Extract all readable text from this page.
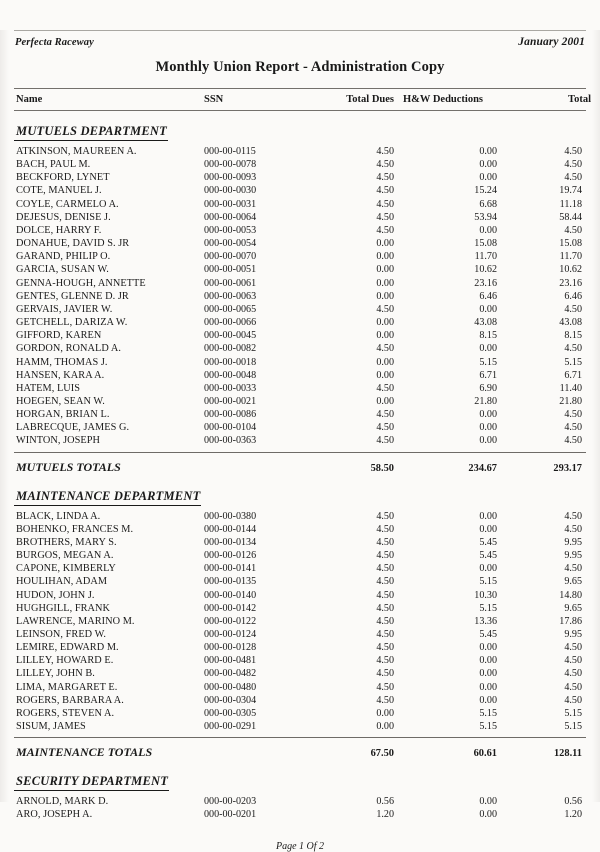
Perfecta Raceway	January 2001
Monthly Union Report - Administration Copy
Name	SSN	Total Dues H&W Deductions	Total
MUTUELS DEPARTMENT
ATKINSON, MAUREEN A.	000-00-0115	4.50	0.00	4.50
BACH, PAUL M.	000-00-0078	4.50	0.00	4.50
BECKFORD, LYNET	000-00-0093	4.50	0.00	4.50
COTE, MANUEL J.	000-00-0030	4.50	15.24	19.74
COYLE, CARMELO A.	000-00-0031	4.50	6.68	11.18
DEJESUS, DENISE J.	000-00-0064	4.50	53.94	58.44
DOLCE, HARRY F.	000-00-0053	4.50	0.00	4.50
DONAHUE, DAVID S. JR	000-00-0054	0.00	15.08	15.08
GARAND, PHILIP O.	000-00-0070	0.00	11.70	11.70
GARCIA, SUSAN W.	000-00-0051	0.00	10.62	10.62
GENNA-HOUGH, ANNETTE	000-00-0061	0.00	23.16	23.16
GENTES, GLENNE D. JR	000-00-0063	0.00	6.46	6.46
GERVAIS, JAVIER W.	000-00-0065	4.50	0.00	4.50
GETCHELL, DARIZA W.	000-00-0066	0.00	43.08	43.08
GIFFORD, KAREN	000-00-0045	0.00	8.15	8.15
GORDON, RONALD A.	000-00-0082	4.50	0.00	4.50
HAMM, THOMAS J.	000-00-0018	0.00	5.15	5.15
HANSEN, KARA A.	000-00-0048	0.00	6.71	6.71
HATEM, LUIS	000-00-0033	4.50	6.90	11.40
HOEGEN, SEAN W.	000-00-0021	0.00	21.80	21.80
HORGAN, BRIAN L.	000-00-0086	4.50	0.00	4.50
LABRECQUE, JAMES G.	000-00-0104	4.50	0.00	4.50
WINTON, JOSEPH	000-00-0363	4.50	0.00	4.50
MUTUELS TOTALS	58.50	234.67	293.17
MAINTENANCE DEPARTMENT
BLACK, LINDA A.	000-00-0380	4.50	0.00	4.50
BOHENKO, FRANCES M.	000-00-0144	4.50	0.00	4.50
BROTHERS, MARY S.	000-00-0134	4.50	5.45	9.95
BURGOS, MEGAN A.	000-00-0126	4.50	5.45	9.95
CAPONE, KIMBERLY	000-00-0141	4.50	0.00	4.50
HOULIHAN, ADAM	000-00-0135	4.50	5.15	9.65
HUDON, JOHN J.	000-00-0140	4.50	10.30	14.80
HUGHGILL, FRANK	000-00-0142	4.50	5.15	9.65
LAWRENCE, MARINO M.	000-00-0122	4.50	13.36	17.86
LEINSON, FRED W.	000-00-0124	4.50	5.45	9.95
LEMIRE, EDWARD M.	000-00-0128	4.50	0.00	4.50
LILLEY, HOWARD E.	000-00-0481	4.50	0.00	4.50
LILLEY, JOHN B.	000-00-0482	4.50	0.00	4.50
LIMA, MARGARET E.	000-00-0480	4.50	0.00	4.50
ROGERS, BARBARA A.	000-00-0304	4.50	0.00	4.50
ROGERS, STEVEN A.	000-00-0305	0.00	5.15	5.15
SISUM, JAMES	000-00-0291	0.00	5.15	5.15
MAINTENANCE TOTALS	67.50	60.61	128.11
SECURITY DEPARTMENT
ARNOLD, MARK D.	000-00-0203	0.56	0.00	0.56
ARO, JOSEPH A.	000-00-0201	1.20	0.00	1.20
Page 1 Of 2
